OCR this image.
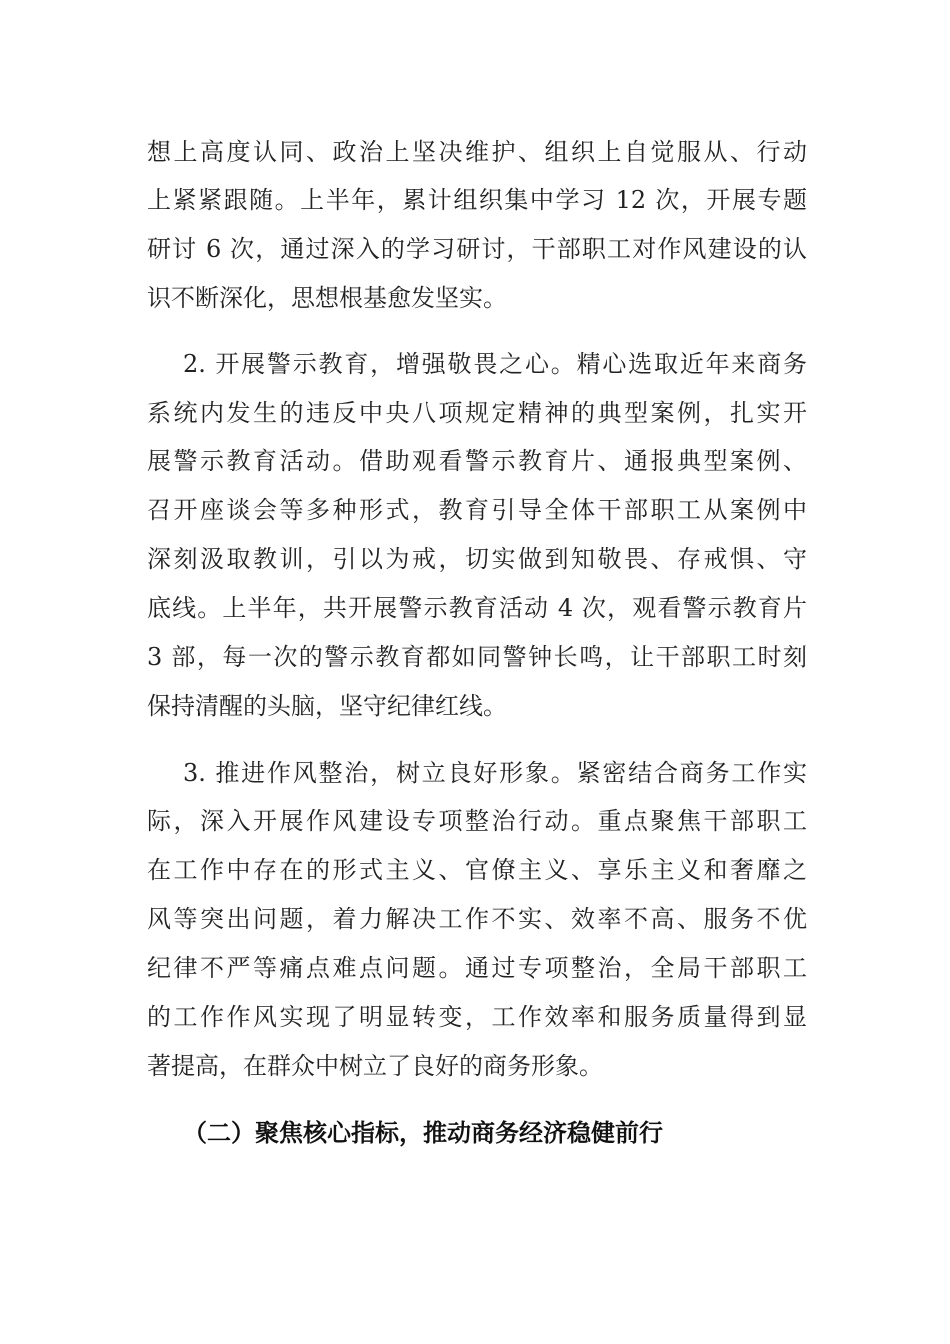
想上高度认同、政治上坚决维护、组织上自觉服从、行动
上紧紧跟随。上半年，累计组织集中学习 12 次，开展专题
研讨 6 次，通过深入的学习研讨，干部职工对作风建设的认
识不断深化，思想根基愈发坚实。
2. 开展警示教育，增强敬畏之心。精心选取近年来商务
系统内发生的违反中央八项规定精神的典型案例，扎实开
展警示教育活动。借助观看警示教育片、通报典型案例、
召开座谈会等多种形式，教育引导全体干部职工从案例中
深刻汲取教训，引以为戒，切实做到知敬畏、存戒惧、守
底线。上半年，共开展警示教育活动 4 次，观看警示教育片
3 部，每一次的警示教育都如同警钟长鸣，让干部职工时刻
保持清醒的头脑，坚守纪律红线。
3. 推进作风整治，树立良好形象。紧密结合商务工作实
际，深入开展作风建设专项整治行动。重点聚焦干部职工
在工作中存在的形式主义、官僚主义、享乐主义和奢靡之
风等突出问题，着力解决工作不实、效率不高、服务不优
纪律不严等痛点难点问题。通过专项整治，全局干部职工
的工作作风实现了明显转变，工作效率和服务质量得到显
著提高，在群众中树立了良好的商务形象。
（二）聚焦核心指标，推动商务经济稳健前行
